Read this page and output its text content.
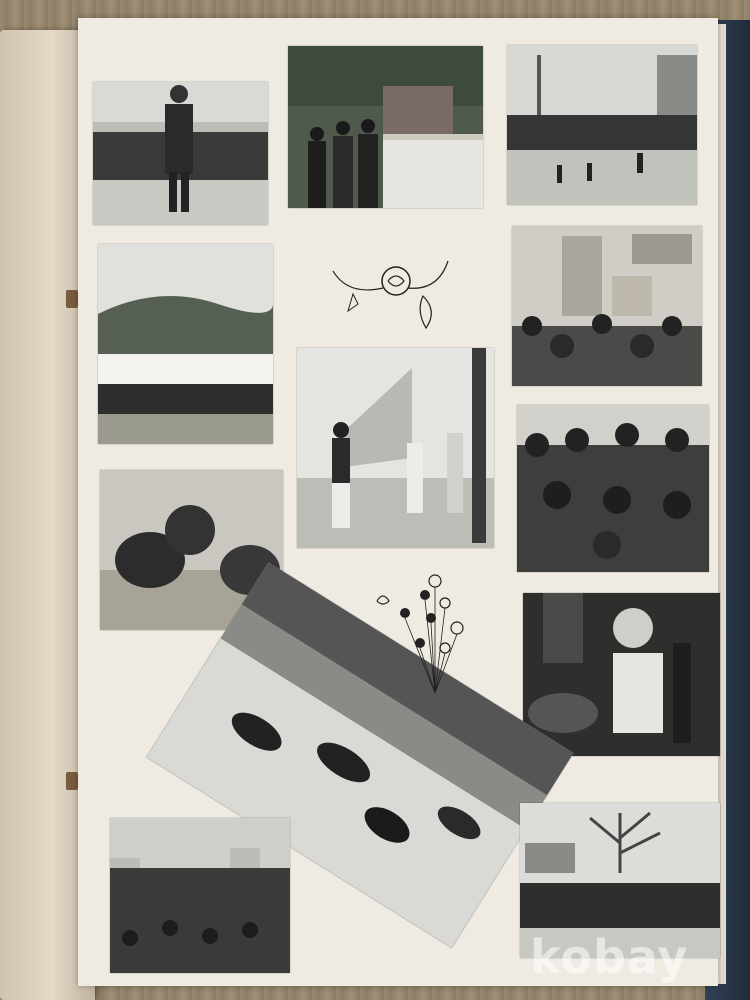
kobay
